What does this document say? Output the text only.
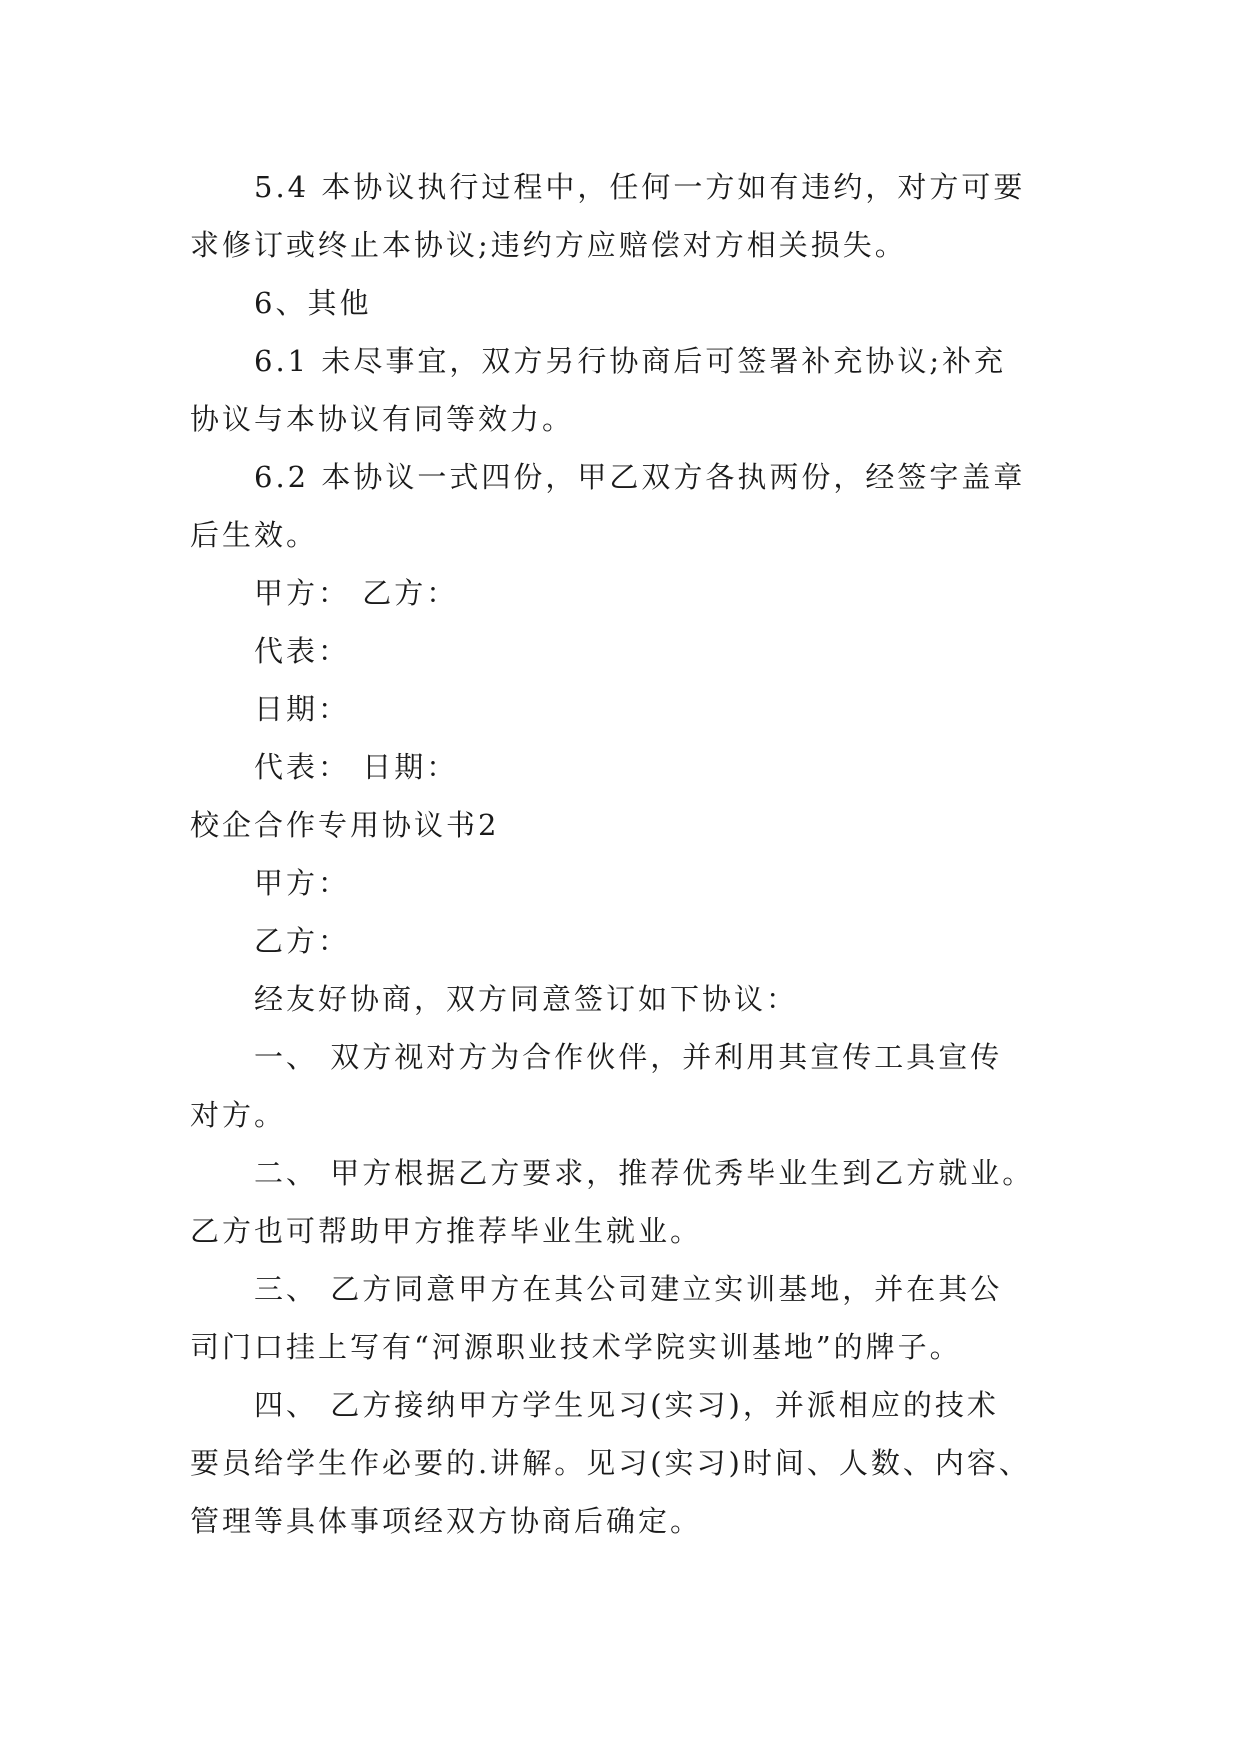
5.4 本协议执行过程中，任何一方如有违约，对方可要
求修订或终止本协议;违约方应赔偿对方相关损失。
6、其他
6.1 未尽事宜，双方另行协商后可签署补充协议;补充
协议与本协议有同等效力。
6.2 本协议一式四份，甲乙双方各执两份，经签字盖章
后生效。
甲方： 乙方：
代表：
日期：
代表： 日期：
校企合作专用协议书2
甲方：
乙方：
经友好协商，双方同意签订如下协议：
一、 双方视对方为合作伙伴，并利用其宣传工具宣传
对方。
二、 甲方根据乙方要求，推荐优秀毕业生到乙方就业。
乙方也可帮助甲方推荐毕业生就业。
三、 乙方同意甲方在其公司建立实训基地，并在其公
司门口挂上写有“河源职业技术学院实训基地”的牌子。
四、 乙方接纳甲方学生见习(实习)，并派相应的技术
要员给学生作必要的.讲解。见习(实习)时间、人数、内容、
管理等具体事项经双方协商后确定。
